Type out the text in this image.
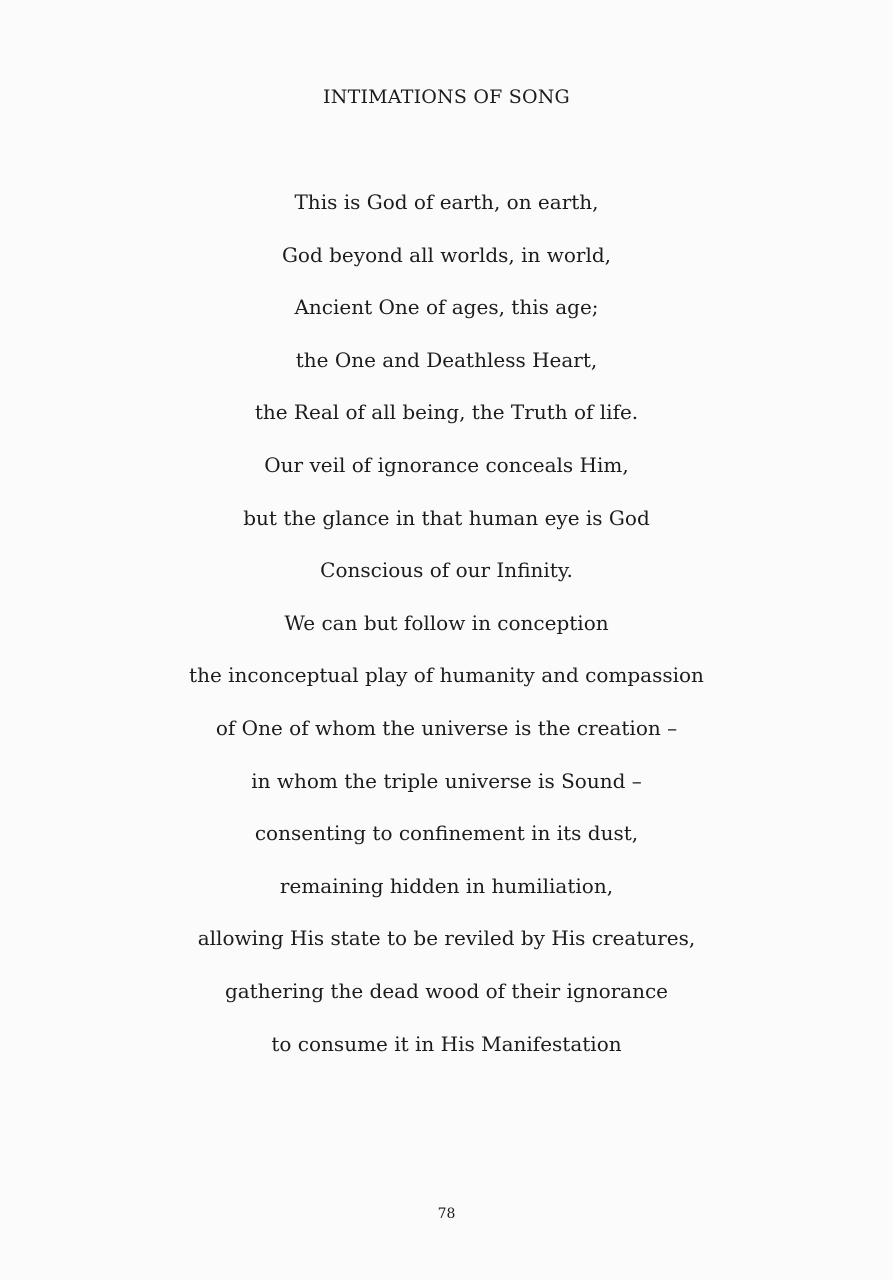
INTIMATIONS OF SONG
This is God of earth, on earth,
God beyond all worlds, in world,
Ancient One of ages, this age;
the One and Deathless Heart,
the Real of all being, the Truth of life.
Our veil of ignorance conceals Him,
but the glance in that human eye is God
Conscious of our Infinity.
We can but follow in conception
the inconceptual play of humanity and compassion
of One of whom the universe is the creation –
in whom the triple universe is Sound –
consenting to confinement in its dust,
remaining hidden in humiliation,
allowing His state to be reviled by His creatures,
gathering the dead wood of their ignorance
to consume it in His Manifestation
78
